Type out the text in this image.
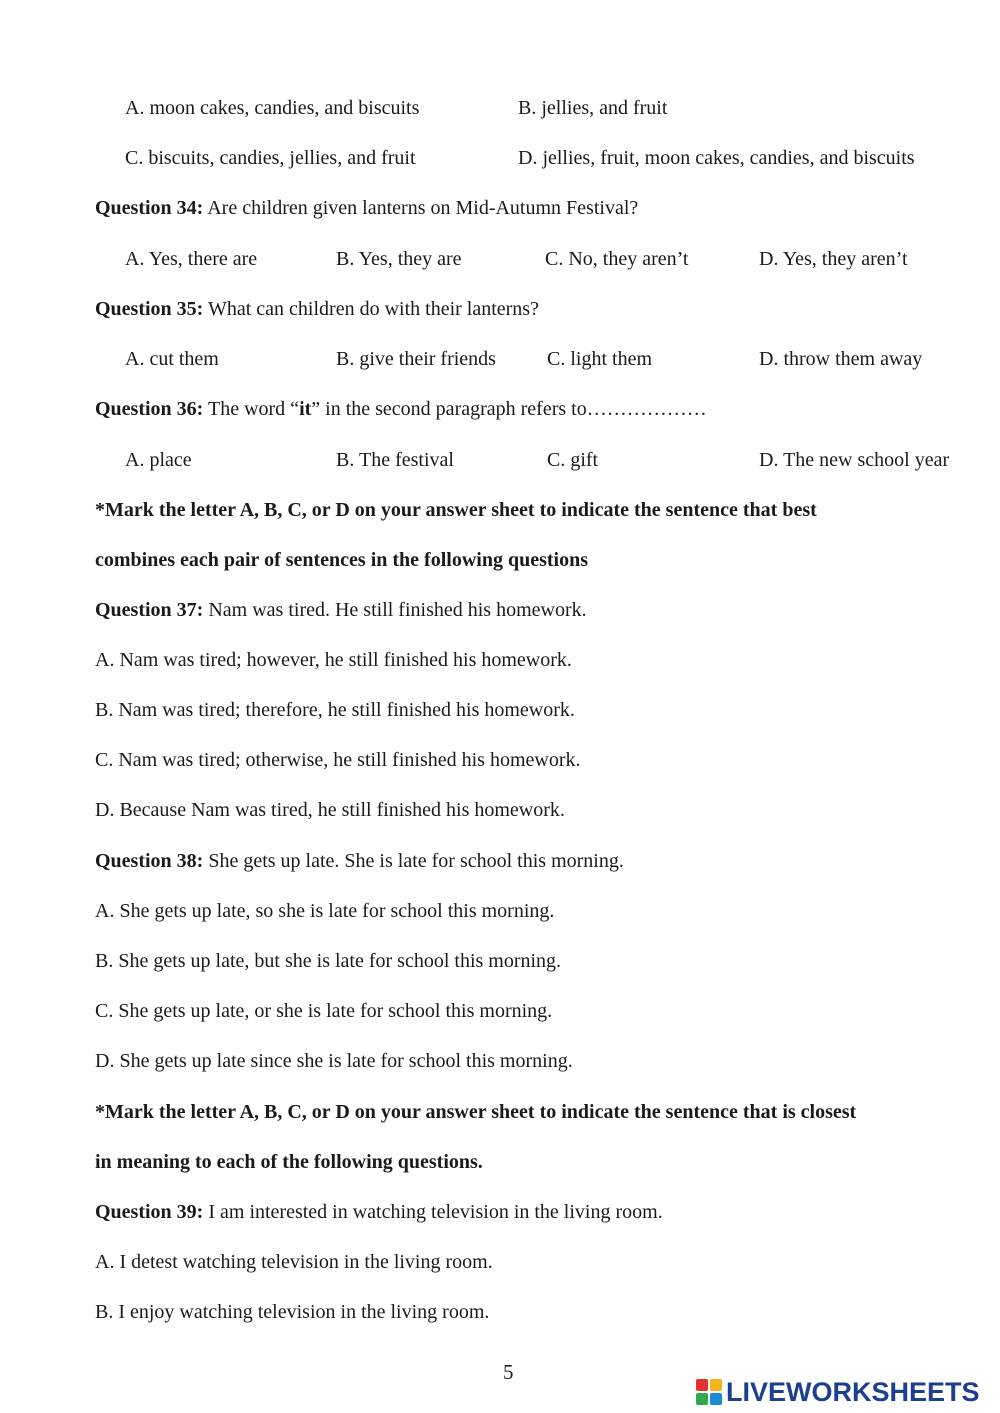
A. moon cakes, candies, and biscuits	B. jellies, and fruit
C. biscuits, candies, jellies, and fruit	D. jellies, fruit, moon cakes, candies, and biscuits
Question 34: Are children given lanterns on Mid-Autumn Festival?
A. Yes, there are	B. Yes, they are	C. No, they aren’t	D. Yes, they aren’t
Question 35: What can children do with their lanterns?
A. cut them	B. give their friends	C. light them	D. throw them away
Question 36: The word “it” in the second paragraph refers to………………
A. place	B. The festival	C. gift	D. The new school year
*Mark the letter A, B, C, or D on your answer sheet to indicate the sentence that best
combines each pair of sentences in the following questions
Question 37: Nam was tired. He still finished his homework.
A. Nam was tired; however, he still finished his homework.
B. Nam was tired; therefore, he still finished his homework.
C. Nam was tired; otherwise, he still finished his homework.
D. Because Nam was tired, he still finished his homework.
Question 38: She gets up late. She is late for school this morning.
A. She gets up late, so she is late for school this morning.
B. She gets up late, but she is late for school this morning.
C. She gets up late, or she is late for school this morning.
D. She gets up late since she is late for school this morning.
*Mark the letter A, B, C, or D on your answer sheet to indicate the sentence that is closest
in meaning to each of the following questions.
Question 39: I am interested in watching television in the living room.
A. I detest watching television in the living room.
B. I enjoy watching television in the living room.
5
LIVEWORKSHEETS
